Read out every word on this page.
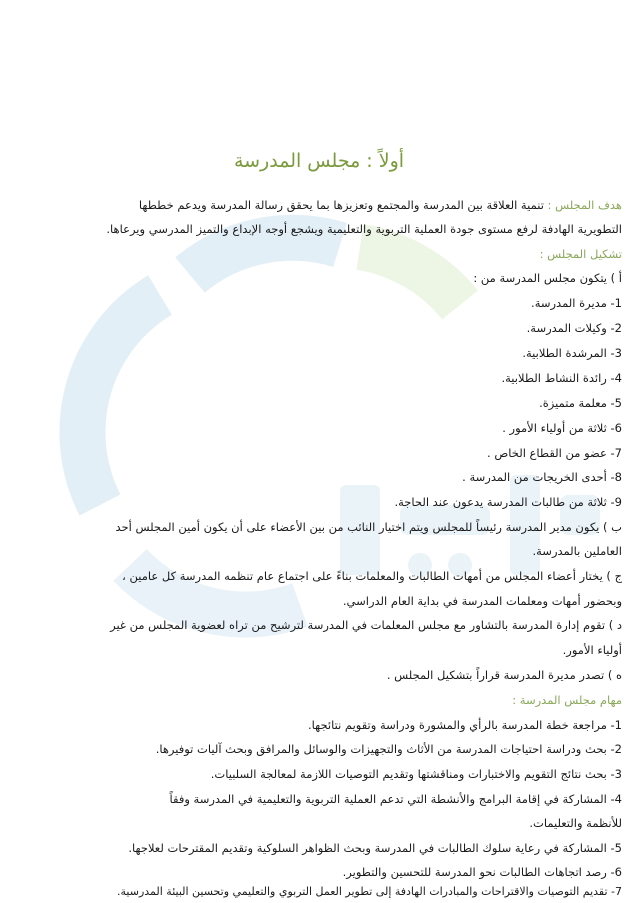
أولاً : مجلس المدرسة
هدف المجلس : تنمية العلاقة بين المدرسة والمجتمع وتعزيزها بما يحقق رسالة المدرسة ويدعم خططها
التطويرية الهادفة لرفع مستوى جودة العملية التربوية والتعليمية ويشجع أوجه الإبداع والتميز المدرسي ويرعاها.
تشكيل المجلس :
أ ) يتكون مجلس المدرسة من :
1- مديرة المدرسة.
2- وكيلات المدرسة.
3- المرشدة الطلابية.
4- رائدة النشاط الطلابية.
5- معلمة متميزة.
6- ثلاثة من أولياء الأمور .
7- عضو من القطاع الخاص .
8- أحدى الخريجات من المدرسة .
9- ثلاثة من طالبات المدرسة يدعون عند الحاجة.
ب ) يكون مدير المدرسة رئيساً للمجلس ويتم اختيار النائب من بين الأعضاء على أن يكون أمين المجلس أحد
العاملين بالمدرسة.
ج ) يختار أعضاء المجلس من أمهات الطالبات والمعلمات بناءً على اجتماع عام تنظمه المدرسة كل عامين ،
وبحضور أمهات ومعلمات المدرسة في بداية العام الدراسي.
د ) تقوم إدارة المدرسة بالتشاور مع مجلس المعلمات في المدرسة لترشيح من تراه لعضوية المجلس من غير
أولياء الأمور.
ه ) تصدر مديرة المدرسة قراراً بتشكيل المجلس .
مهام مجلس المدرسة :
1- مراجعة خطة المدرسة بالرأي والمشورة ودراسة وتقويم نتائجها.
2- بحث ودراسة احتياجات المدرسة من الأثاث والتجهيزات والوسائل والمرافق وبحث آليات توفيرها.
3- بحث نتائج التقويم والاختبارات ومناقشتها وتقديم التوصيات اللازمة لمعالجة السلبيات.
4- المشاركة في إقامة البرامج والأنشطة التي تدعم العملية التربوية والتعليمية في المدرسة وفقاً
للأنظمة والتعليمات.
5- المشاركة في رعاية سلوك الطالبات في المدرسة وبحث الظواهر السلوكية وتقديم المقترحات لعلاجها.
6- رصد اتجاهات الطالبات نحو المدرسة للتحسين والتطوير.
7- تقديم التوصيات والاقتراحات والمبادرات الهادفة إلى تطوير العمل التربوي والتعليمي وتحسين البيئة المدرسية.
